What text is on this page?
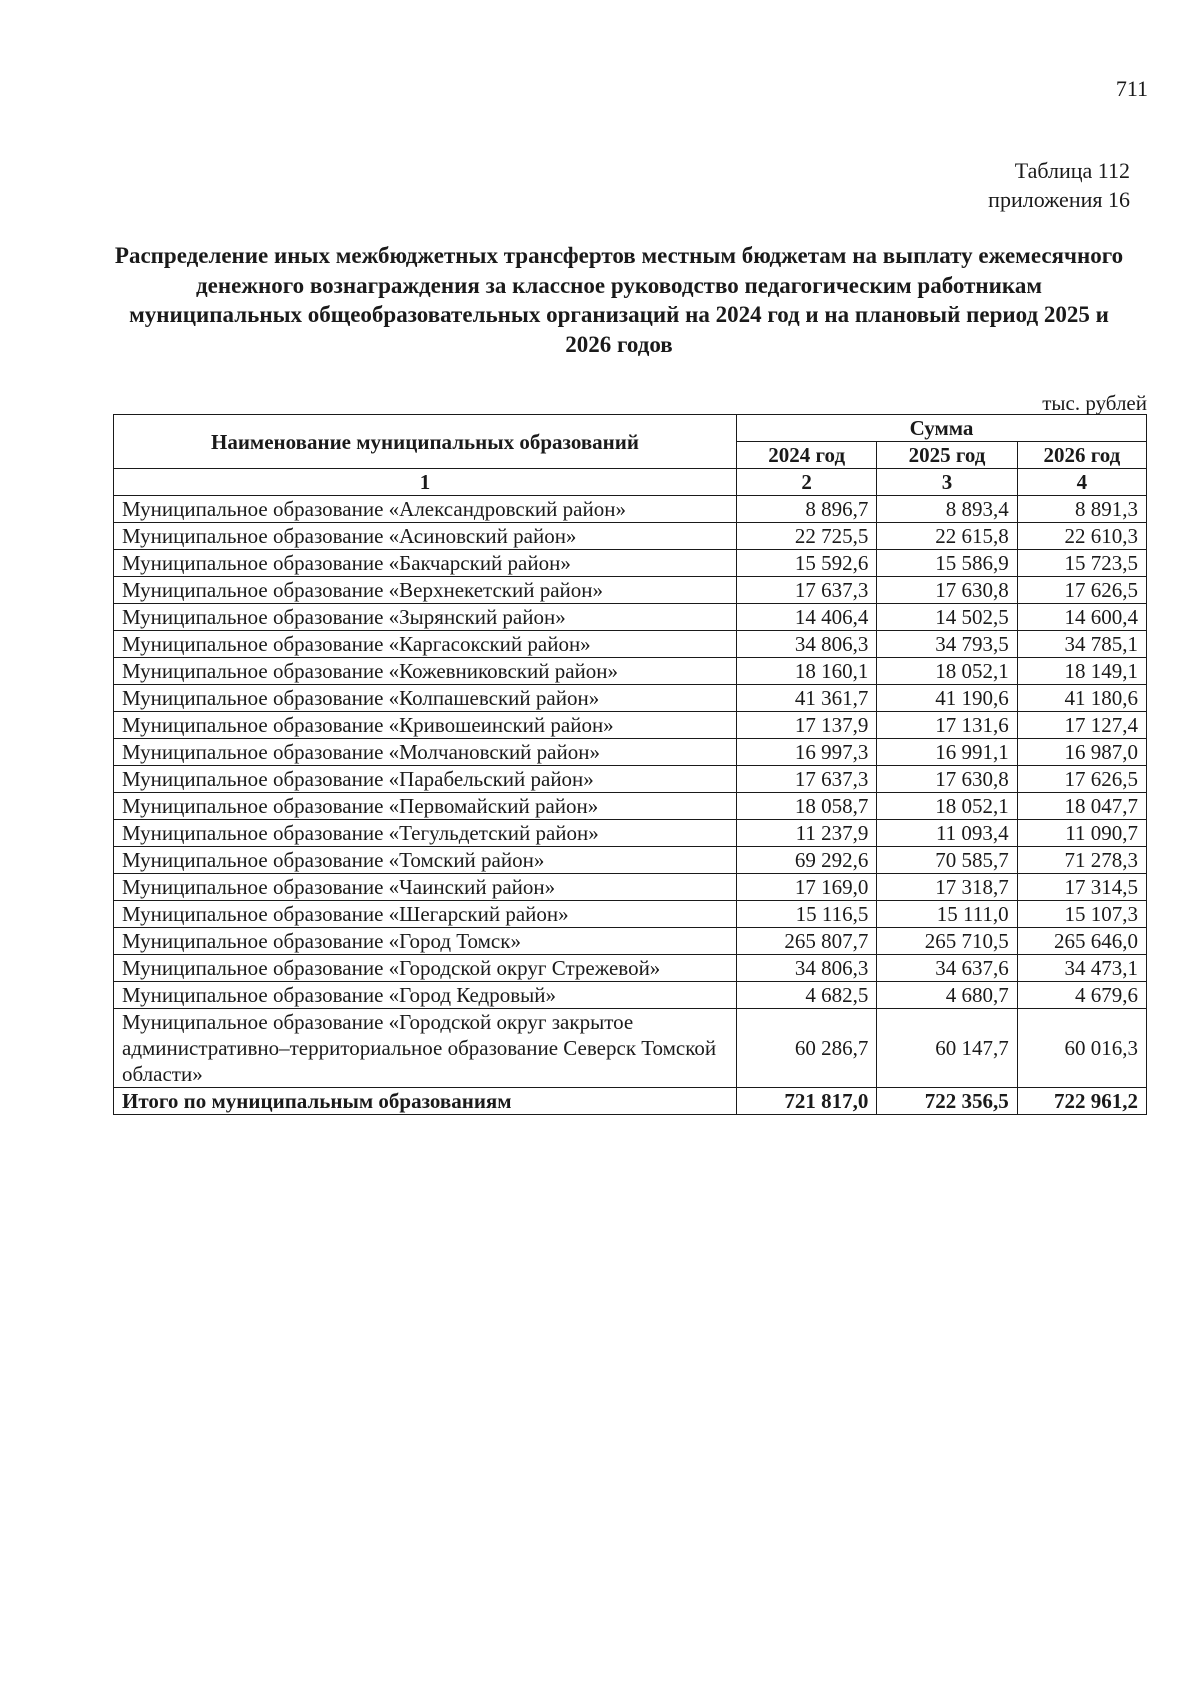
711
Таблица 112
приложения 16
Распределение иных межбюджетных трансфертов местным бюджетам на выплату ежемесячного денежного вознаграждения за классное руководство педагогическим работникам муниципальных общеобразовательных организаций на 2024 год и на плановый период 2025 и 2026 годов
тыс. рублей
Наименование муниципальных образований	Сумма		
	2024 год	2025 год	2026 год
1	2	3	4
Муниципальное образование «Александровский район»	8 896,7	8 893,4	8 891,3
Муниципальное образование «Асиновский район»	22 725,5	22 615,8	22 610,3
Муниципальное образование «Бакчарский район»	15 592,6	15 586,9	15 723,5
Муниципальное образование «Верхнекетский район»	17 637,3	17 630,8	17 626,5
Муниципальное образование «Зырянский район»	14 406,4	14 502,5	14 600,4
Муниципальное образование «Каргасокский район»	34 806,3	34 793,5	34 785,1
Муниципальное образование «Кожевниковский район»	18 160,1	18 052,1	18 149,1
Муниципальное образование «Колпашевский район»	41 361,7	41 190,6	41 180,6
Муниципальное образование «Кривошеинский район»	17 137,9	17 131,6	17 127,4
Муниципальное образование «Молчановский район»	16 997,3	16 991,1	16 987,0
Муниципальное образование «Парабельский район»	17 637,3	17 630,8	17 626,5
Муниципальное образование «Первомайский район»	18 058,7	18 052,1	18 047,7
Муниципальное образование «Тегульдетский район»	11 237,9	11 093,4	11 090,7
Муниципальное образование «Томский район»	69 292,6	70 585,7	71 278,3
Муниципальное образование «Чаинский район»	17 169,0	17 318,7	17 314,5
Муниципальное образование «Шегарский район»	15 116,5	15 111,0	15 107,3
Муниципальное образование «Город Томск»	265 807,7	265 710,5	265 646,0
Муниципальное образование «Городской округ Стрежевой»	34 806,3	34 637,6	34 473,1
Муниципальное образование «Город Кедровый»	4 682,5	4 680,7	4 679,6
Муниципальное образование «Городской округ закрытое административно–территориальное образование Северск Томской области»	60 286,7	60 147,7	60 016,3
Итого по муниципальным образованиям	721 817,0	722 356,5	722 961,2
